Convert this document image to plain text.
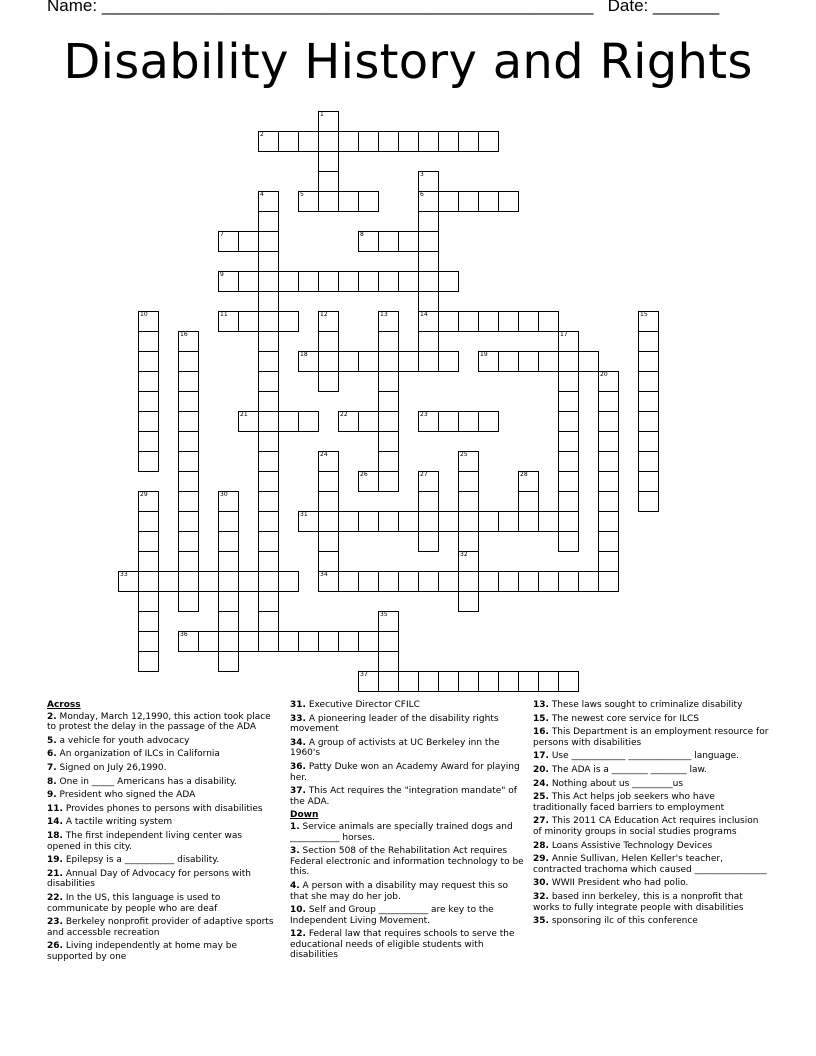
Name: ____________________________________________________ Date: _______
Disability History and Rights
1
2
3
6
14
4	5
7	8
9
10	11	12	13	15
16	17
18	19
20
21	22	23
24	25
32
26	27	28
29	30
31
33	34
35
36
37
Across
2. Monday, March 12,1990, this action took place to protest the delay in the passage of the ADA
5. a vehicle for youth advocacy
6. An organization of ILCs in California
7. Signed on July 26,1990.
8. One in _____ Americans has a disability.
9. President who signed the ADA
11. Provides phones to persons with disabilities
14. A tactile writing system
18. The first independent living center was opened in this city.
19. Epilepsy is a ___________ disability.
21. Annual Day of Advocacy for persons with disabilities
22. In the US, this language is used to communicate by people who are deaf
23. Berkeley nonprofit provider of adaptive sports and accessble recreation
26. Living independently at home may be supported by one
31. Executive Director CFILC
33. A pioneering leader of the disability rights movement
34. A group of activists at UC Berkeley inn the 1960's
36. Patty Duke won an Academy Award for playing her.
37. This Act requires the "integration mandate" of the ADA.
Down
1. Service animals are specially trained dogs and ___________ horses.
3. Section 508 of the Rehabilitation Act requires Federal electronic and information technology to be this.
4. A person with a disability may request this so that she may do her job.
10. Self and Group ___________ are key to the Independent Living Movement.
12. Federal law that requires schools to serve the educational needs of eligible students with disabilities
13. These laws sought to criminalize disability
15. The newest core service for ILCS
16. This Department is an employment resource for persons with disabilities
17. Use ____________ ______________ language.
20. The ADA is a ________ ________ law.
24. Nothing about us _________us
25. This Act helps job seekers who have traditionally faced barriers to employment
27. This 2011 CA Education Act requires inclusion of minority groups in social studies programs
28. Loans Assistive Technology Devices
29. Annie Sullivan, Helen Keller's teacher, contracted trachoma which caused ________________
30. WWII President who had polio.
32. based inn berkeley, this is a nonprofit that works to fully integrate people with disabilities
35. sponsoring ilc of this conference
